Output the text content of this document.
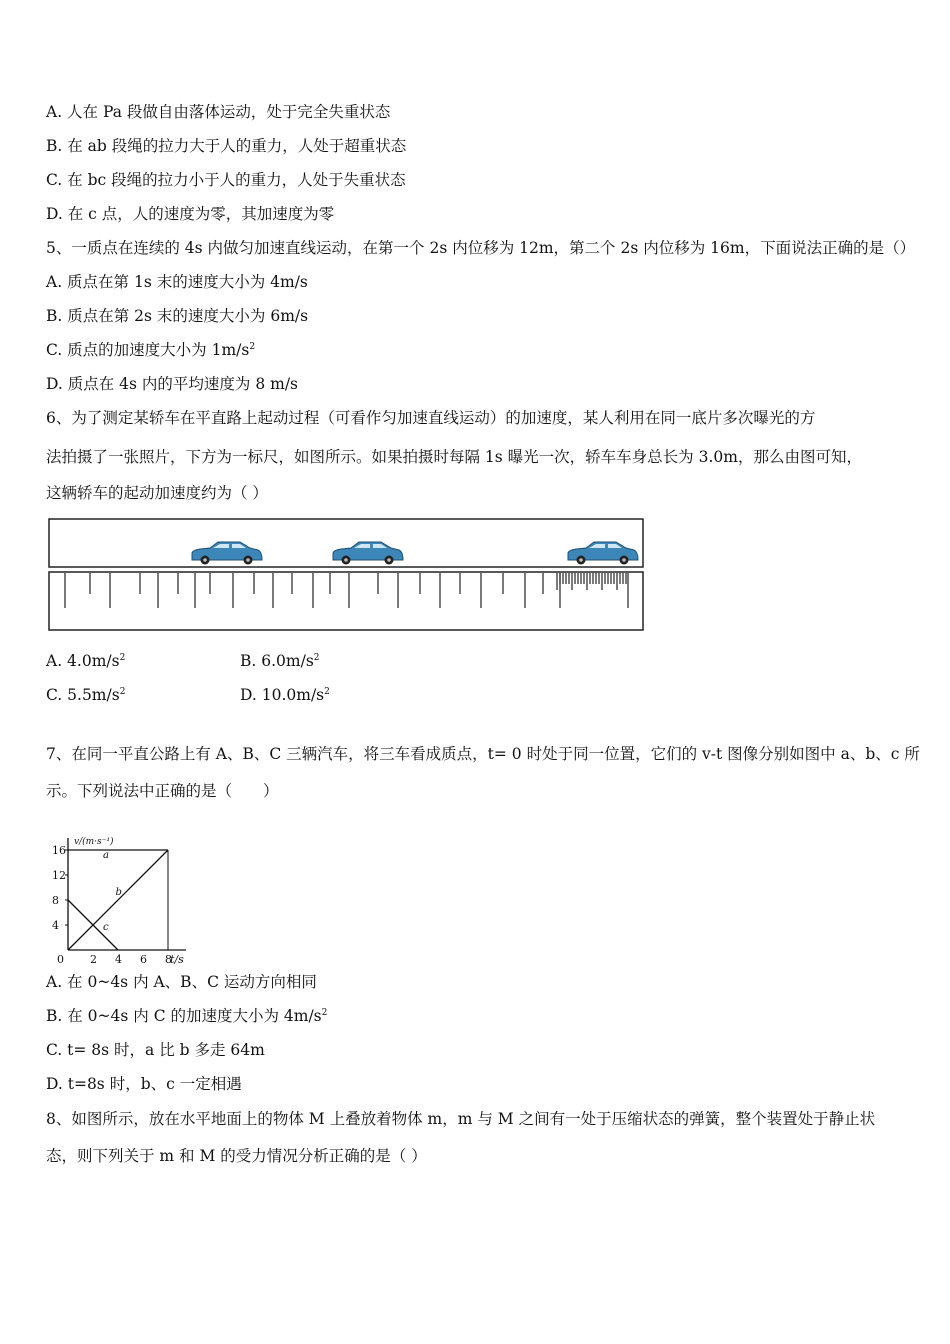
A. 人在 Pa 段做自由落体运动，处于完全失重状态
B. 在 ab 段绳的拉力大于人的重力，人处于超重状态
C. 在 bc 段绳的拉力小于人的重力，人处于失重状态
D. 在 c 点，人的速度为零，其加速度为零
5、一质点在连续的 4s 内做匀加速直线运动，在第一个 2s 内位移为 12m，第二个 2s 内位移为 16m，下面说法正确的是（）
A. 质点在第 1s 末的速度大小为 4m/s
B. 质点在第 2s 末的速度大小为 6m/s
C. 质点的加速度大小为 $1m/s^2$
D. 质点在 4s 内的平均速度为 8 m/s
6、为了测定某轿车在平直路上起动过程（可看作匀加速直线运动）的加速度，某人利用在同一底片多次曝光的方
法拍摄了一张照片，下方为一标尺，如图所示。如果拍摄时每隔 1s 曝光一次，轿车车身总长为 3.0m，那么由图可知，
这辆轿车的起动加速度约为（ ）
A. $4.0m/s^2$	B. $6.0m/s^2$
C. $5.5m/s^2$	D. $10.0m/s^2$
7、在同一平直公路上有 A、B、C 三辆汽车，将三车看成质点，t= 0 时处于同一位置，它们的 v-t 图像分别如图中 a、b、c 所
示。下列说法中正确的是（　　）
0 2 4 6 8
4
8
12
16
v/(m·s⁻¹)
t/s
a
b
c
A. 在 0~4s 内 A、B、C 运动方向相同
B. 在 0~4s 内 C 的加速度大小为 $4m/s^2$
C. t= 8s 时，a 比 b 多走 64m
D. t=8s 时，b、c 一定相遇
8、如图所示，放在水平地面上的物体 M 上叠放着物体 m，m 与 M 之间有一处于压缩状态的弹簧，整个装置处于静止状
态，则下列关于 m 和 M 的受力情况分析正确的是（ ）
